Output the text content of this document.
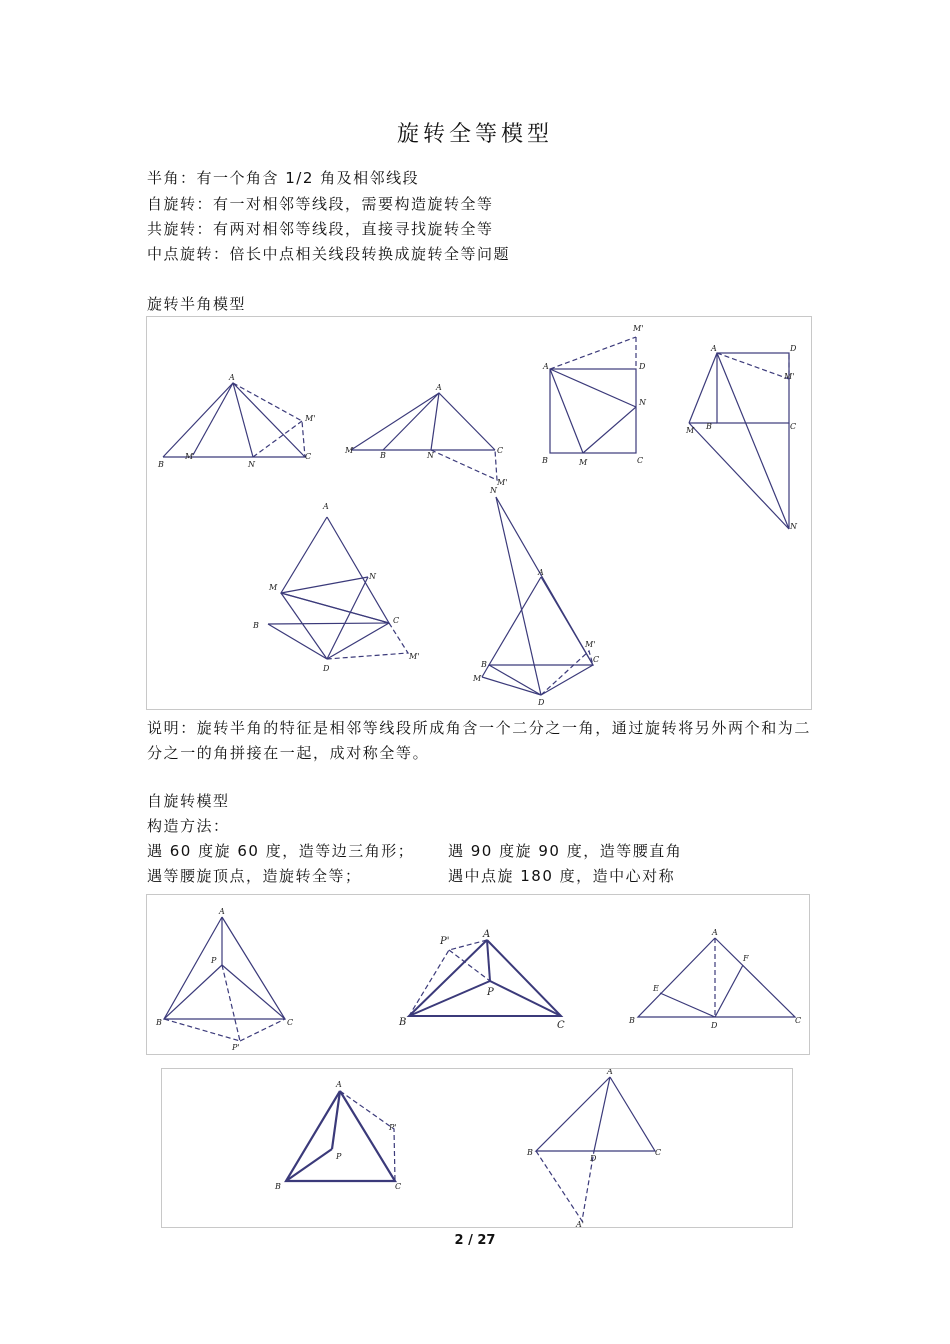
旋转全等模型
半角：有一个角含 1/2 角及相邻线段
自旋转：有一对相邻等线段，需要构造旋转全等
共旋转：有两对相邻等线段，直接寻找旋转全等
中点旋转：倍长中点相关线段转换成旋转全等问题
旋转半角模型
A
B
M
N
C
M'
A
M
B	N
C
M'
A
M'
D
N
B	M	C
A	D
M'
M B	C
N
A
M
N
B
C
D
M'
N
A
B
M
C
M'
D
说明：旋转半角的特征是相邻等线段所成角含一个二分之一角，通过旋转将另外两个和为二分之一的角拼接在一起，成对称全等。
自旋转模型
构造方法：
遇 60 度旋 60 度，造等边三角形； 遇 90 度旋 90 度，造等腰直角
遇等腰旋顶点，造旋转全等；	遇中点旋 180 度，造中心对称
A
P
B	C
P'
A
P'
P
B	C
A
E
F
B
D
C
A
P
P'
B	C
A
B
D
C
A'
2 / 27
